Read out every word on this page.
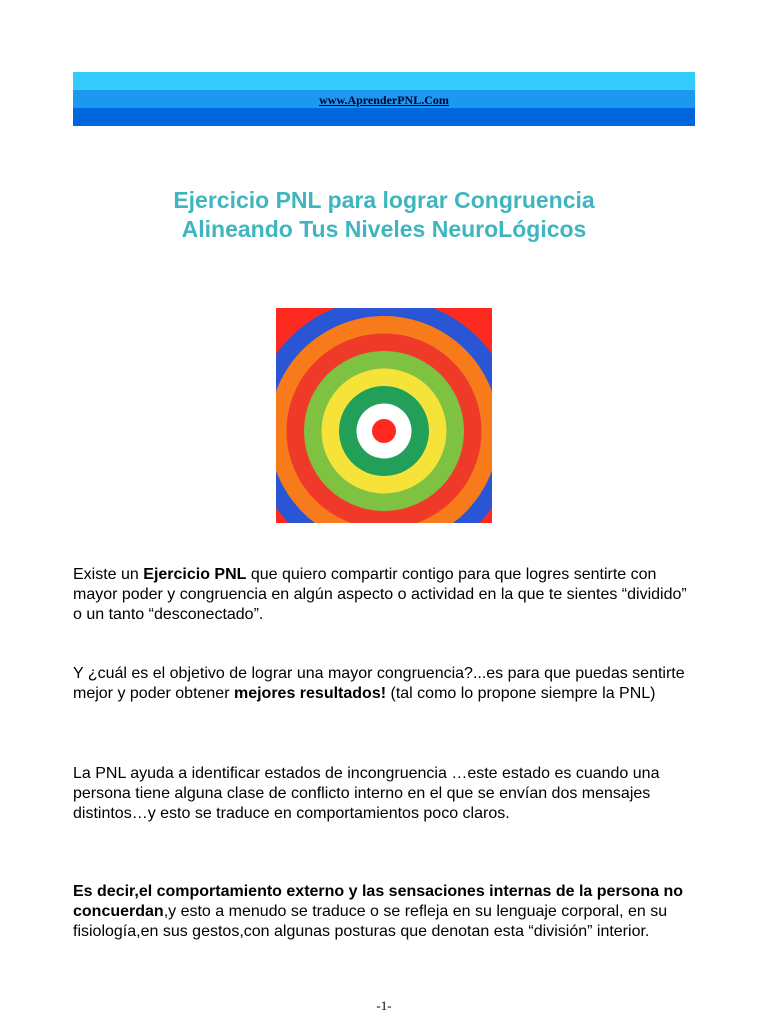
www.AprenderPNL.Com
Ejercicio PNL para lograr Congruencia
Alineando Tus Niveles NeuroLógicos
Existe un Ejercicio PNL que quiero compartir contigo para que logres sentirte con mayor poder y congruencia en algún aspecto o actividad en la que te sientes “dividido” o un tanto “desconectado”.
Y ¿cuál es el objetivo de lograr una mayor congruencia?...es para que puedas sentirte mejor y poder obtener mejores resultados! (tal como lo propone siempre la PNL)
La PNL ayuda a identificar estados de incongruencia …este estado es cuando una persona tiene alguna clase de conflicto interno en el que se envían dos mensajes distintos…y esto se traduce en comportamientos poco claros.
Es decir,el comportamiento externo y las sensaciones internas de la persona no concuerdan,y esto a menudo se traduce o se refleja en su lenguaje corporal, en su fisiología,en sus gestos,con algunas posturas que denotan esta “división” interior.
-1-
